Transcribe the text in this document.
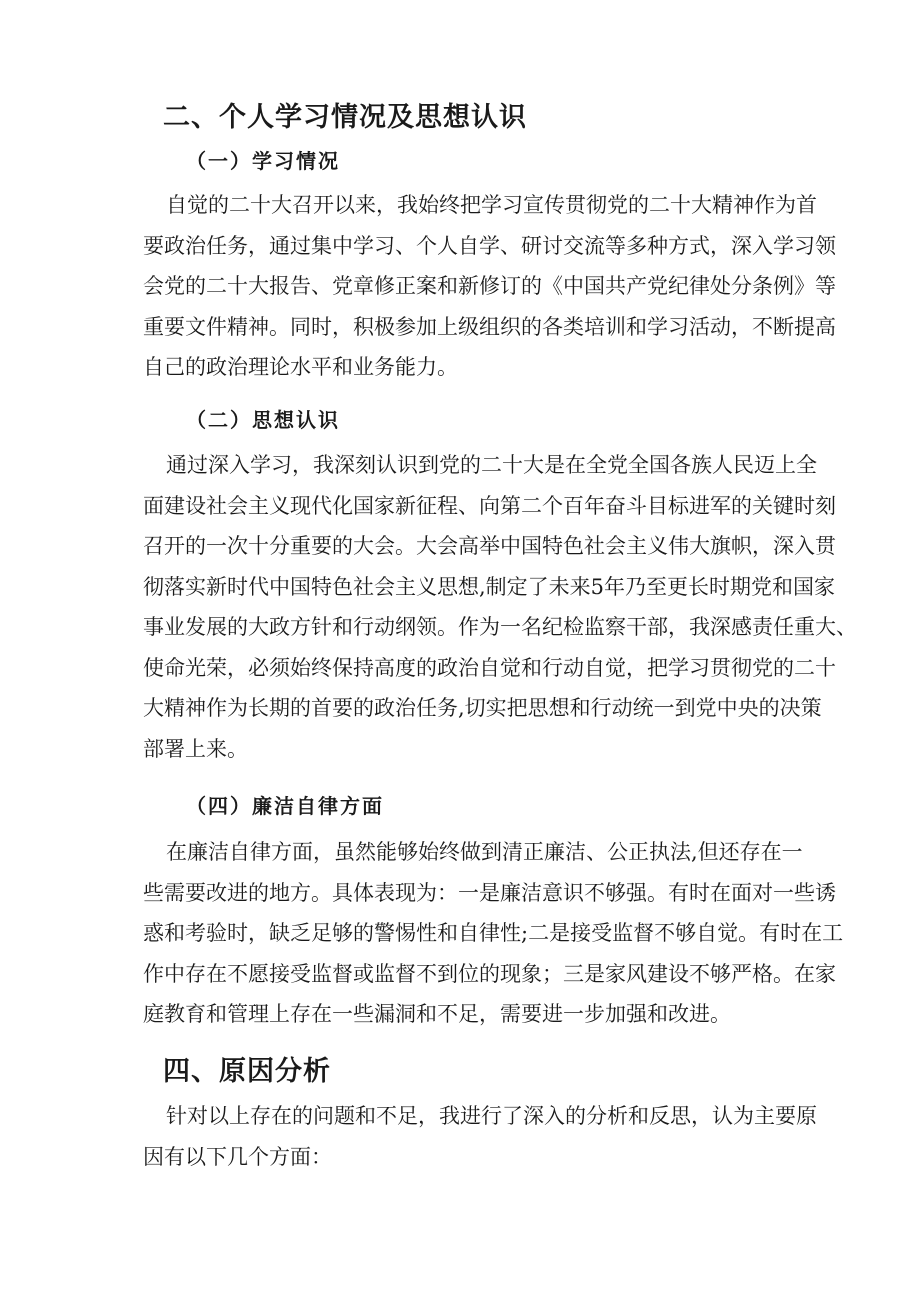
二、个人学习情况及思想认识
（一）学习情况
自觉的二十大召开以来，我始终把学习宣传贯彻党的二十大精神作为首
要政治任务，通过集中学习、个人自学、研讨交流等多种方式，深入学习领
会党的二十大报告、党章修正案和新修订的《中国共产党纪律处分条例》等
重要文件精神。同时，积极参加上级组织的各类培训和学习活动，不断提高
自己的政治理论水平和业务能力。
（二）思想认识
通过深入学习，我深刻认识到党的二十大是在全党全国各族人民迈上全
面建设社会主义现代化国家新征程、向第二个百年奋斗目标进军的关键时刻
召开的一次十分重要的大会。大会高举中国特色社会主义伟大旗帜，深入贯
彻落实新时代中国特色社会主义思想,制定了未来5年乃至更长时期党和国家
事业发展的大政方针和行动纲领。作为一名纪检监察干部，我深感责任重大、
使命光荣，必须始终保持高度的政治自觉和行动自觉，把学习贯彻党的二十
大精神作为长期的首要的政治任务,切实把思想和行动统一到党中央的决策
部署上来。
（四）廉洁自律方面
在廉洁自律方面，虽然能够始终做到清正廉洁、公正执法,但还存在一
些需要改进的地方。具体表现为：一是廉洁意识不够强。有时在面对一些诱
惑和考验时，缺乏足够的警惕性和自律性;二是接受监督不够自觉。有时在工
作中存在不愿接受监督或监督不到位的现象；三是家风建设不够严格。在家
庭教育和管理上存在一些漏洞和不足，需要进一步加强和改进。
四、原因分析
针对以上存在的问题和不足，我进行了深入的分析和反思，认为主要原
因有以下几个方面：
